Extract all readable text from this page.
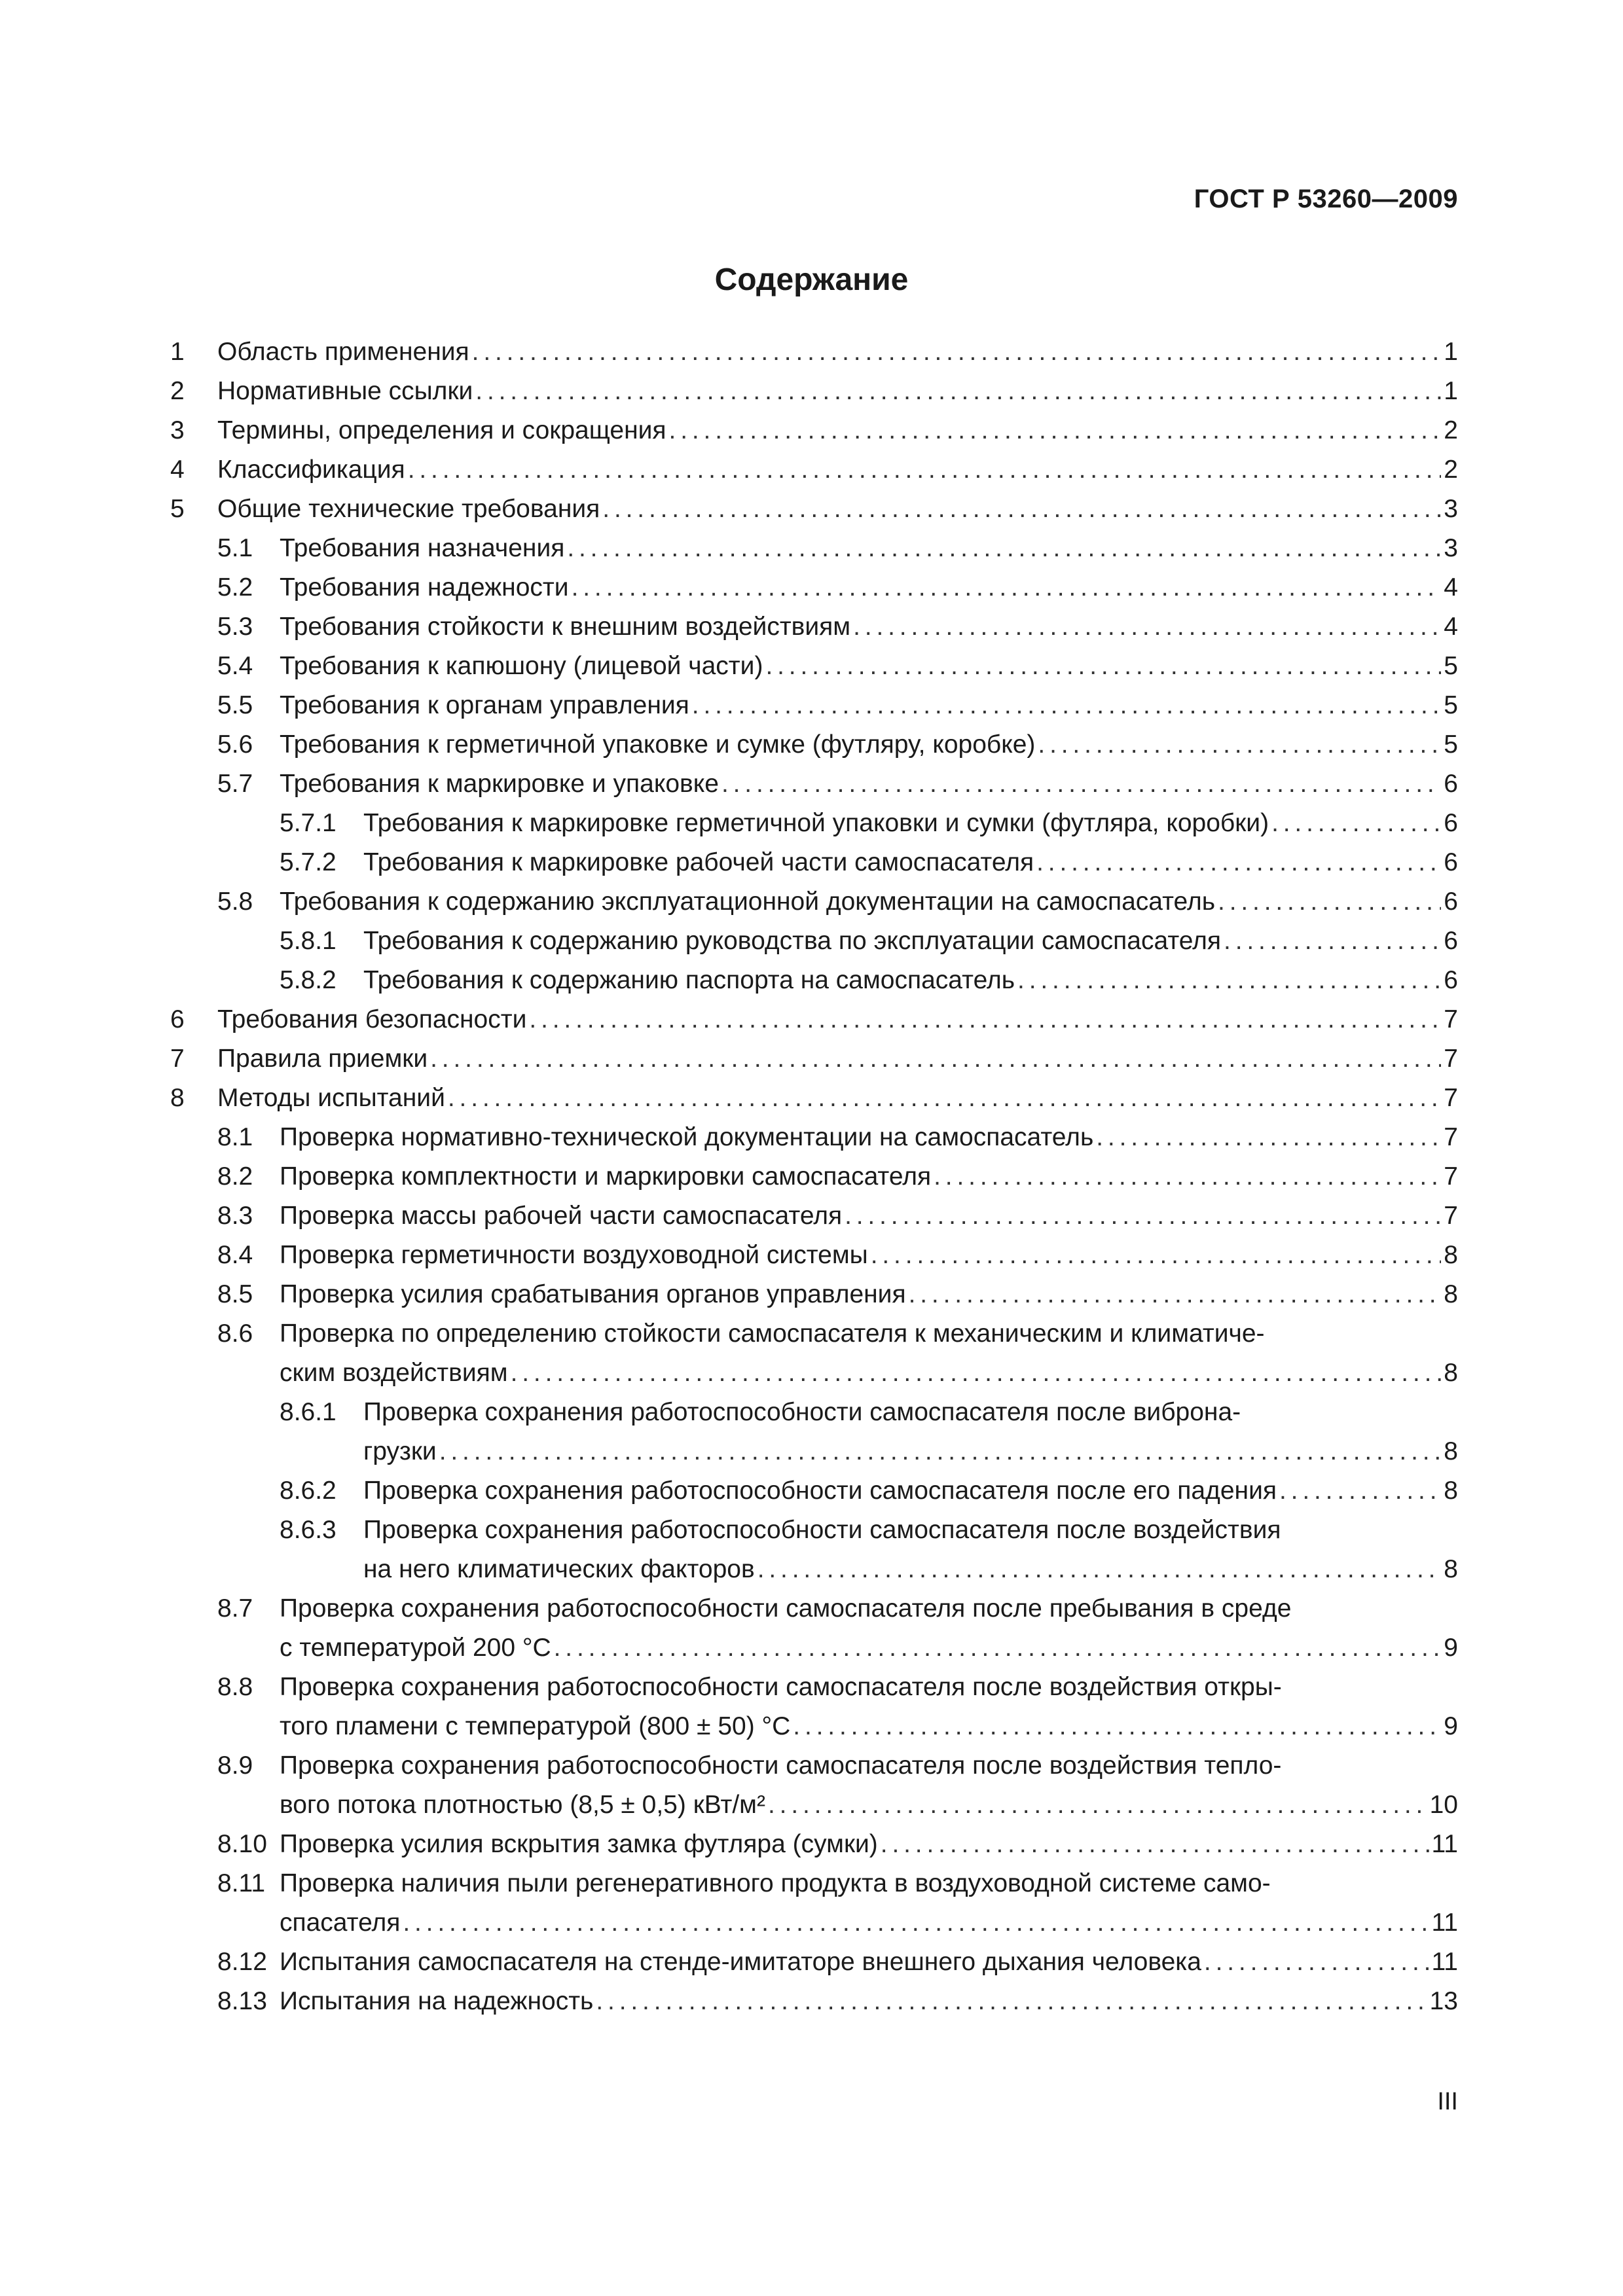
ГОСТ Р 53260—2009
Содержание
1 Область применения . . .	1
2 Нормативные ссылки . . .	1
3 Термины, определения и сокращения . . .	2
4 Классификация . . .	2
5 Общие технические требования . . .	3
5.1 Требования назначения . . .	3
5.2 Требования надежности . . .	4
5.3 Требования стойкости к внешним воздействиям . . .	4
5.4 Требования к капюшону (лицевой части) . . .	5
5.5 Требования к органам управления . . .	5
5.6 Требования к герметичной упаковке и сумке (футляру, коробке) . . .	5
5.7 Требования к маркировке и упаковке . . .	6
5.7.1 Требования к маркировке герметичной упаковки и сумки (футляра, коробки) . . .	6
5.7.2 Требования к маркировке рабочей части самоспасателя . . .	6
5.8 Требования к содержанию эксплуатационной документации на самоспасатель . . .	6
5.8.1 Требования к содержанию руководства по эксплуатации самоспасателя . . .	6
5.8.2 Требования к содержанию паспорта на самоспасатель . . .	6
6 Требования безопасности . . .	7
7 Правила приемки . . .	7
8 Методы испытаний . . .	7
8.1 Проверка нормативно-технической документации на самоспасатель . . .	7
8.2 Проверка комплектности и маркировки самоспасателя . . .	7
8.3 Проверка массы рабочей части самоспасателя . . .	7
8.4 Проверка герметичности воздуховодной системы . . .	8
8.5 Проверка усилия срабатывания органов управления . . .	8
8.6 Проверка по определению стойкости самоспасателя к механическим и климатиче-
ским воздействиям . . .	8
8.6.1 Проверка сохранения работоспособности самоспасателя после виброна-
грузки . . .	8
8.6.2 Проверка сохранения работоспособности самоспасателя после его падения . . .	8
8.6.3 Проверка сохранения работоспособности самоспасателя после воздействия
на него климатических факторов . . .	8
8.7 Проверка сохранения работоспособности самоспасателя после пребывания в среде
с температурой 200 °С . . .	9
8.8 Проверка сохранения работоспособности самоспасателя после воздействия откры-
того пламени с температурой (800 ± 50) °С . . .	9
8.9 Проверка сохранения работоспособности самоспасателя после воздействия тепло-
вого потока плотностью (8,5 ± 0,5) кВт/м² . . .	10
8.10 Проверка усилия вскрытия замка футляра (сумки) . . .	11
8.11 Проверка наличия пыли регенеративного продукта в воздуховодной системе само-
спасателя . . .	11
8.12 Испытания самоспасателя на стенде-имитаторе внешнего дыхания человека . . .	11
8.13 Испытания на надежность . . .	13
III
